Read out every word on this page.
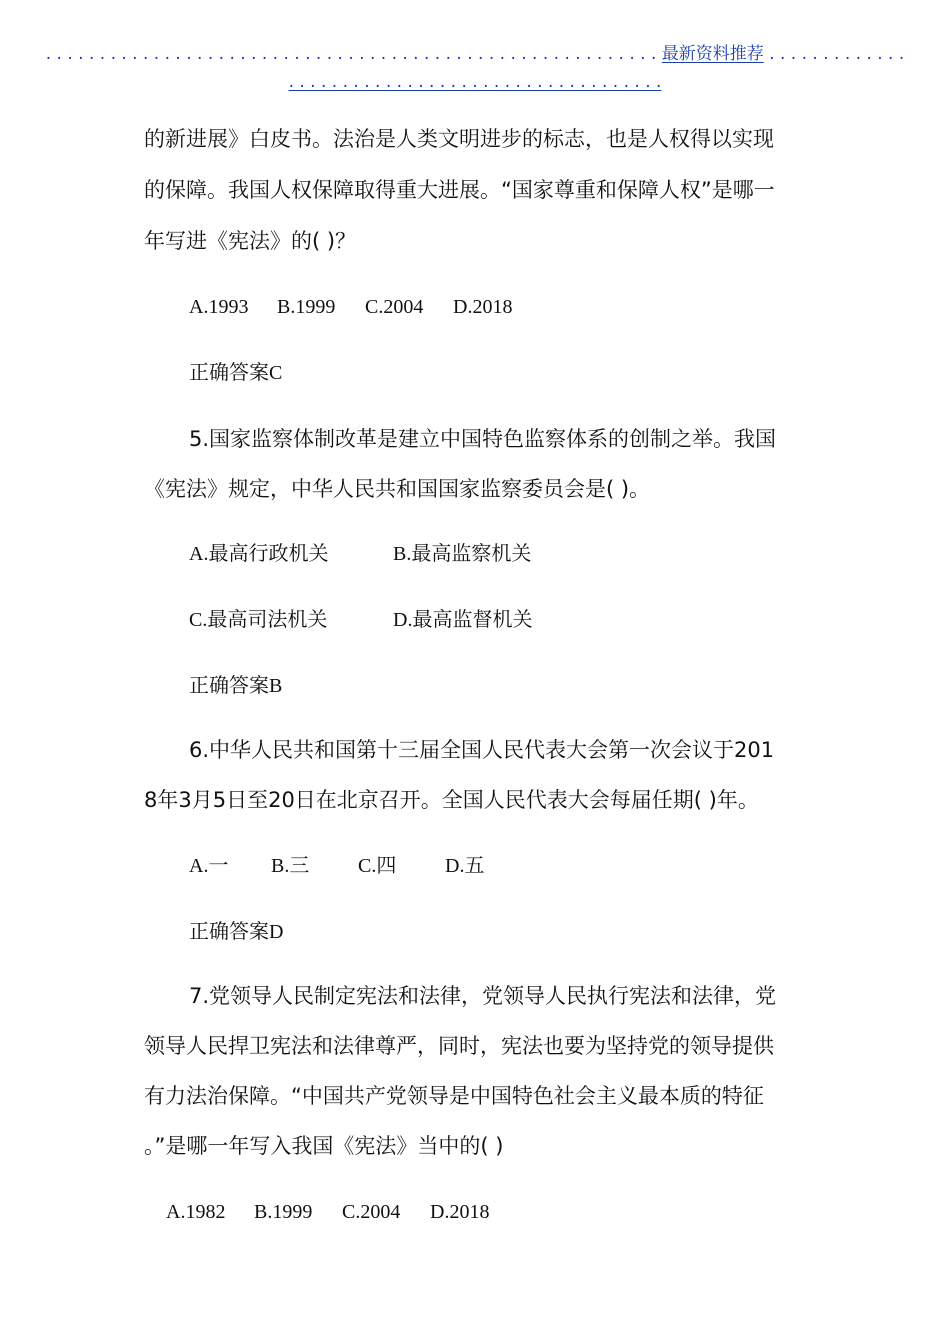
. . . . . . . . . . . . . . . . . . . . . . . . . . . . . . . . . . . . . . . . . . . . . . . . . . . . . . . . . 最新资料推荐 . . . . . . . . . . . . .
. . . . . . . . . . . . . . . . . . . . . . . . . . . . . . . . . . .

的新进展》白皮书。法治是人类文明进步的标志，也是人权得以实现

的保障。我国人权保障取得重大进展。“国家尊重和保障人权”是哪一

年写进《宪法》的( )？

A.1993 B.1999 C.2004 D.2018
正确答案C

5.国家监察体制改革是建立中国特色监察体系的创制之举。我国

《宪法》规定，中华人民共和国国家监察委员会是( )。

A.最高行政机关	B.最高监察机关
C.最高司法机关	D.最高监督机关
正确答案B

6.中华人民共和国第十三届全国人民代表大会第一次会议于201

8年3月5日至20日在北京召开。全国人民代表大会每届任期( )年。

A.一 B.三 C.四 D.五
正确答案D

7.党领导人民制定宪法和法律，党领导人民执行宪法和法律，党

领导人民捍卫宪法和法律尊严，同时，宪法也要为坚持党的领导提供

有力法治保障。“中国共产党领导是中国特色社会主义最本质的特征

。”是哪一年写入我国《宪法》当中的( )

A.1982 B.1999 C.2004 D.2018
